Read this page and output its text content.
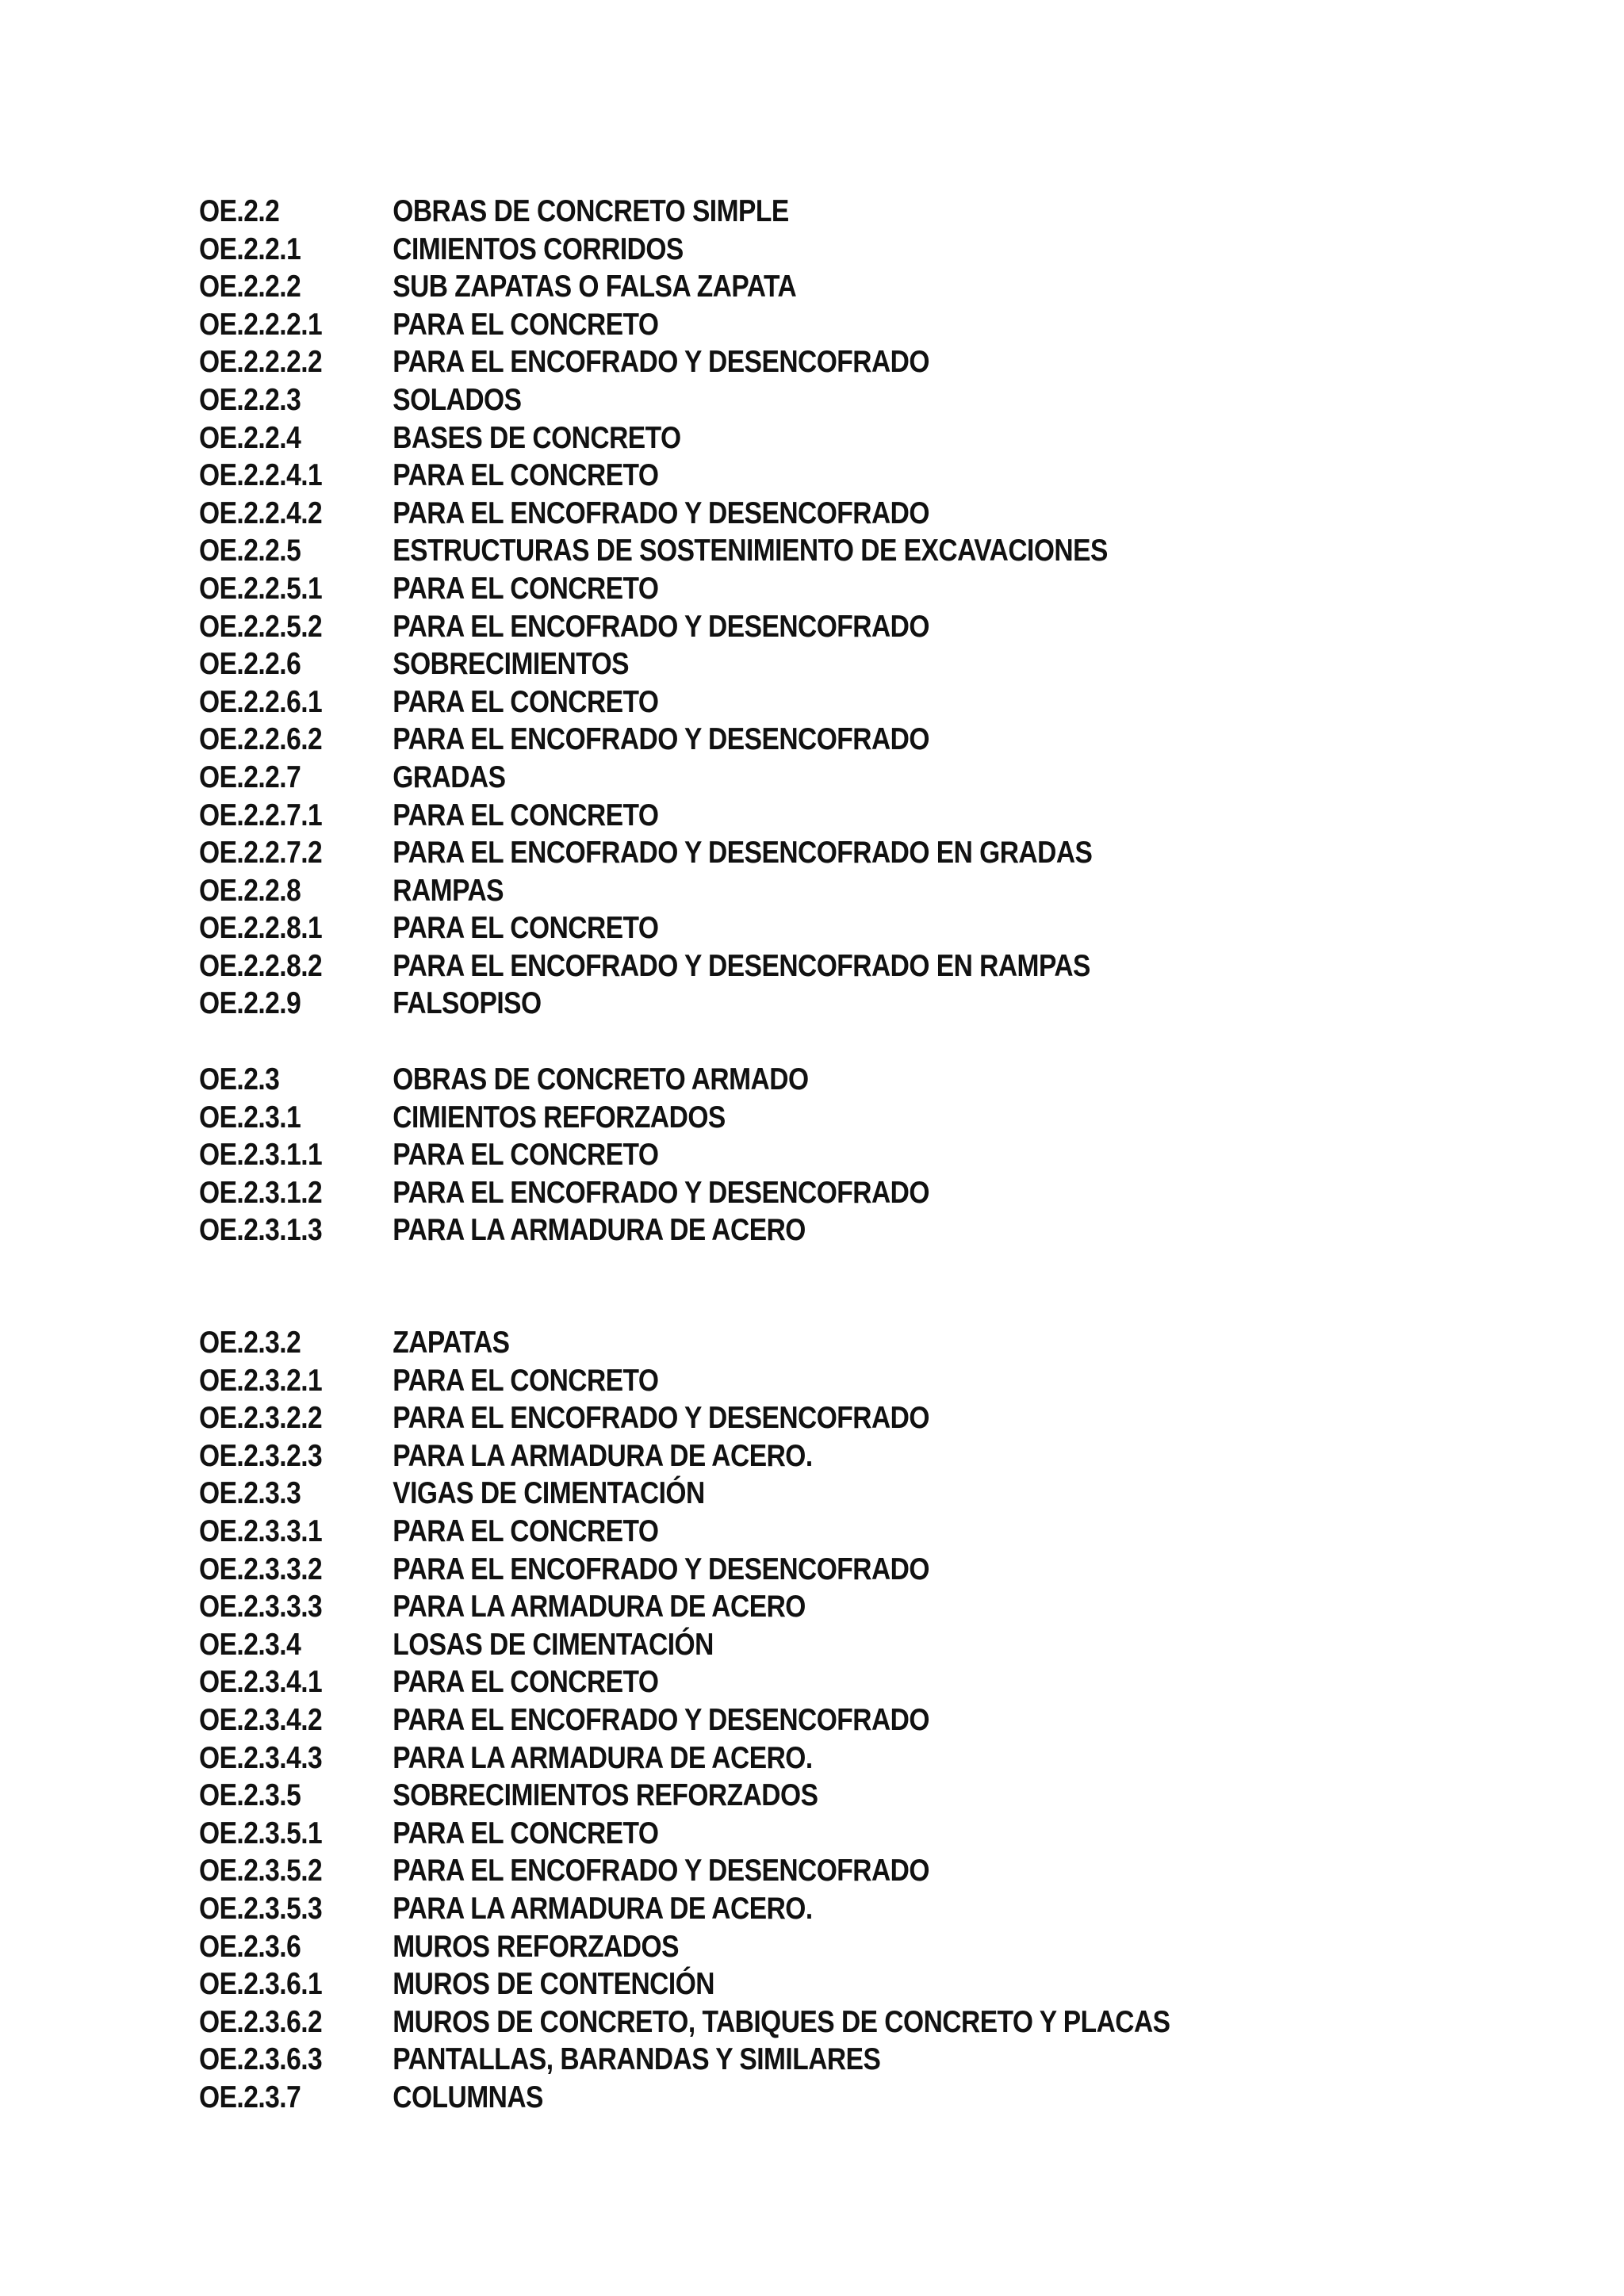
OE.2.2	OBRAS DE CONCRETO SIMPLE
OE.2.2.1	CIMIENTOS CORRIDOS
OE.2.2.2	SUB ZAPATAS O FALSA ZAPATA
OE.2.2.2.1 PARA EL CONCRETO
OE.2.2.2.2 PARA EL ENCOFRADO Y DESENCOFRADO
OE.2.2.3	SOLADOS
OE.2.2.4	BASES DE CONCRETO
OE.2.2.4.1 PARA EL CONCRETO
OE.2.2.4.2 PARA EL ENCOFRADO Y DESENCOFRADO
OE.2.2.5	ESTRUCTURAS DE SOSTENIMIENTO DE EXCAVACIONES
OE.2.2.5.1 PARA EL CONCRETO
OE.2.2.5.2 PARA EL ENCOFRADO Y DESENCOFRADO
OE.2.2.6	SOBRECIMIENTOS
OE.2.2.6.1 PARA EL CONCRETO
OE.2.2.6.2 PARA EL ENCOFRADO Y DESENCOFRADO
OE.2.2.7	GRADAS
OE.2.2.7.1 PARA EL CONCRETO
OE.2.2.7.2 PARA EL ENCOFRADO Y DESENCOFRADO EN GRADAS
OE.2.2.8	RAMPAS
OE.2.2.8.1 PARA EL CONCRETO
OE.2.2.8.2 PARA EL ENCOFRADO Y DESENCOFRADO EN RAMPAS
OE.2.2.9	FALSOPISO
OE.2.3	OBRAS DE CONCRETO ARMADO
OE.2.3.1	CIMIENTOS REFORZADOS
OE.2.3.1.1 PARA EL CONCRETO
OE.2.3.1.2 PARA EL ENCOFRADO Y DESENCOFRADO
OE.2.3.1.3 PARA LA ARMADURA DE ACERO
OE.2.3.2	ZAPATAS
OE.2.3.2.1 PARA EL CONCRETO
OE.2.3.2.2 PARA EL ENCOFRADO Y DESENCOFRADO
OE.2.3.2.3 PARA LA ARMADURA DE ACERO.
OE.2.3.3	VIGAS DE CIMENTACIÓN
OE.2.3.3.1 PARA EL CONCRETO
OE.2.3.3.2 PARA EL ENCOFRADO Y DESENCOFRADO
OE.2.3.3.3 PARA LA ARMADURA DE ACERO
OE.2.3.4	LOSAS DE CIMENTACIÓN
OE.2.3.4.1 PARA EL CONCRETO
OE.2.3.4.2 PARA EL ENCOFRADO Y DESENCOFRADO
OE.2.3.4.3 PARA LA ARMADURA DE ACERO.
OE.2.3.5	SOBRECIMIENTOS REFORZADOS
OE.2.3.5.1 PARA EL CONCRETO
OE.2.3.5.2 PARA EL ENCOFRADO Y DESENCOFRADO
OE.2.3.5.3 PARA LA ARMADURA DE ACERO.
OE.2.3.6	MUROS REFORZADOS
OE.2.3.6.1 MUROS DE CONTENCIÓN
OE.2.3.6.2 MUROS DE CONCRETO, TABIQUES DE CONCRETO Y PLACAS
OE.2.3.6.3 PANTALLAS, BARANDAS Y SIMILARES
OE.2.3.7	COLUMNAS
